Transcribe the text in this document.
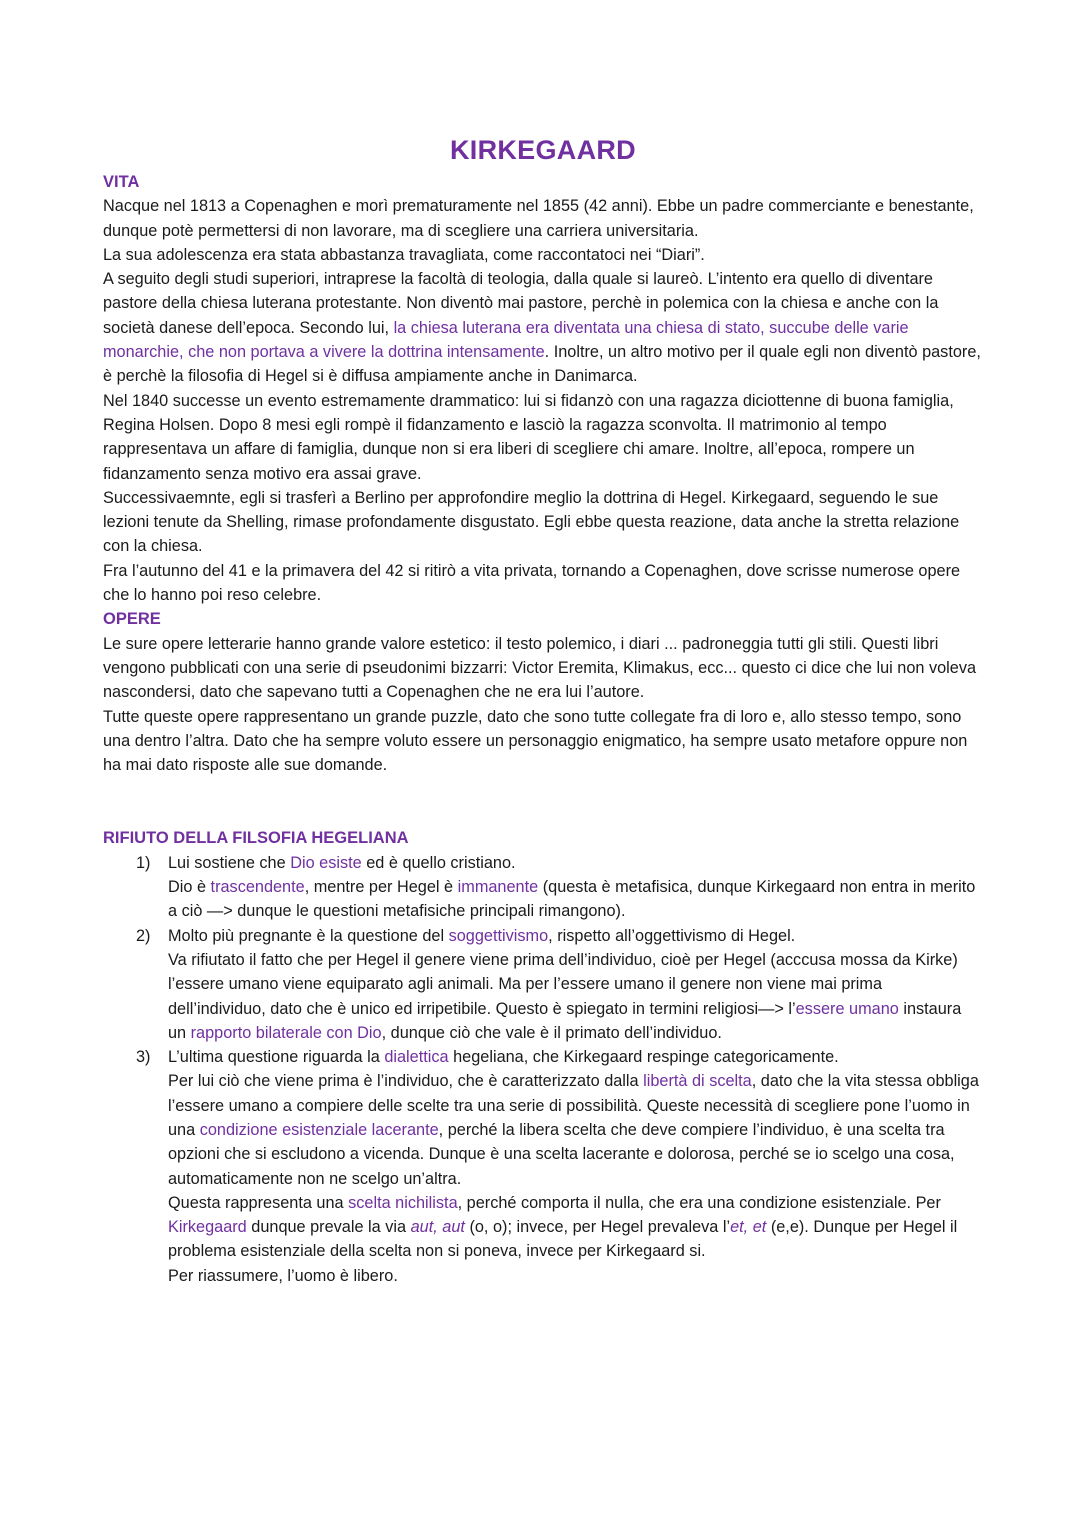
KIRKEGAARD
VITA

Nacque nel 1813 a Copenaghen e morì prematuramente nel 1855 (42 anni). Ebbe un padre commerciante e benestante, dunque potè permettersi di non lavorare, ma di scegliere una carriera universitaria.

La sua adolescenza era stata abbastanza travagliata, come raccontatoci nei “Diari”.

A seguito degli studi superiori, intraprese la facoltà di teologia, dalla quale si laureò. L’intento era quello di diventare pastore della chiesa luterana protestante. Non diventò mai pastore, perchè in polemica con la chiesa e anche con la società danese dell’epoca. Secondo lui, la chiesa luterana era diventata una chiesa di stato, succube delle varie monarchie, che non portava a vivere la dottrina intensamente. Inoltre, un altro motivo per il quale egli non diventò pastore, è perchè la filosofia di Hegel si è diffusa ampiamente anche in Danimarca.

Nel 1840 successe un evento estremamente drammatico: lui si fidanzò con una ragazza diciottenne di buona famiglia, Regina Holsen. Dopo 8 mesi egli rompè il fidanzamento e lasciò la ragazza sconvolta. Il matrimonio al tempo rappresentava un affare di famiglia, dunque non si era liberi di scegliere chi amare. Inoltre, all’epoca, rompere un fidanzamento senza motivo era assai grave.

Successivaemnte, egli si trasferì a Berlino per approfondire meglio la dottrina di Hegel. Kirkegaard, seguendo le sue lezioni tenute da Shelling, rimase profondamente disgustato. Egli ebbe questa reazione, data anche la stretta relazione con la chiesa.

Fra l’autunno del 41 e la primavera del 42 si ritirò a vita privata, tornando a Copenaghen, dove scrisse numerose opere che lo hanno poi reso celebre.

OPERE

Le sure opere letterarie hanno grande valore estetico: il testo polemico, i diari ... padroneggia tutti gli stili. Questi libri vengono pubblicati con una serie di pseudonimi bizzarri: Victor Eremita, Klimakus, ecc... questo ci dice che lui non voleva nascondersi, dato che sapevano tutti a Copenaghen che ne era lui l’autore.

Tutte queste opere rappresentano un grande puzzle, dato che sono tutte collegate fra di loro e, allo stesso tempo, sono una dentro l’altra. Dato che ha sempre voluto essere un personaggio enigmatico, ha sempre usato metafore oppure non ha mai dato risposte alle sue domande.

RIFIUTO DELLA FILSOFIA HEGELIANA
1) Lui sostiene che Dio esiste ed è quello cristiano.

Dio è trascendente, mentre per Hegel è immanente (questa è metafisica, dunque Kirkegaard non entra in merito a ciò —> dunque le questioni metafisiche principali rimangono).

2) Molto più pregnante è la questione del soggettivismo, rispetto all’oggettivismo di Hegel.

Va rifiutato il fatto che per Hegel il genere viene prima dell’individuo, cioè per Hegel (acccusa mossa da Kirke) l’essere umano viene equiparato agli animali. Ma per l’essere umano il genere non viene mai prima dell’individuo, dato che è unico ed irripetibile. Questo è spiegato in termini religiosi—> l’essere umano instaura un rapporto bilaterale con Dio, dunque ciò che vale è il primato dell’individuo.

3) L’ultima questione riguarda la dialettica hegeliana, che Kirkegaard respinge categoricamente.

Per lui ciò che viene prima è l’individuo, che è caratterizzato dalla libertà di scelta, dato che la vita stessa obbliga l’essere umano a compiere delle scelte tra una serie di possibilità. Queste necessità di scegliere pone l’uomo in una condizione esistenziale lacerante, perché la libera scelta che deve compiere l’individuo, è una scelta tra opzioni che si escludono a vicenda. Dunque è una scelta lacerante e dolorosa, perché se io scelgo una cosa, automaticamente non ne scelgo un’altra.

Questa rappresenta una scelta nichilista, perché comporta il nulla, che era una condizione esistenziale. Per Kirkegaard dunque prevale la via aut, aut (o, o); invece, per Hegel prevaleva l’et, et (e,e). Dunque per Hegel il problema esistenziale della scelta non si poneva, invece per Kirkegaard si.

Per riassumere, l’uomo è libero.
